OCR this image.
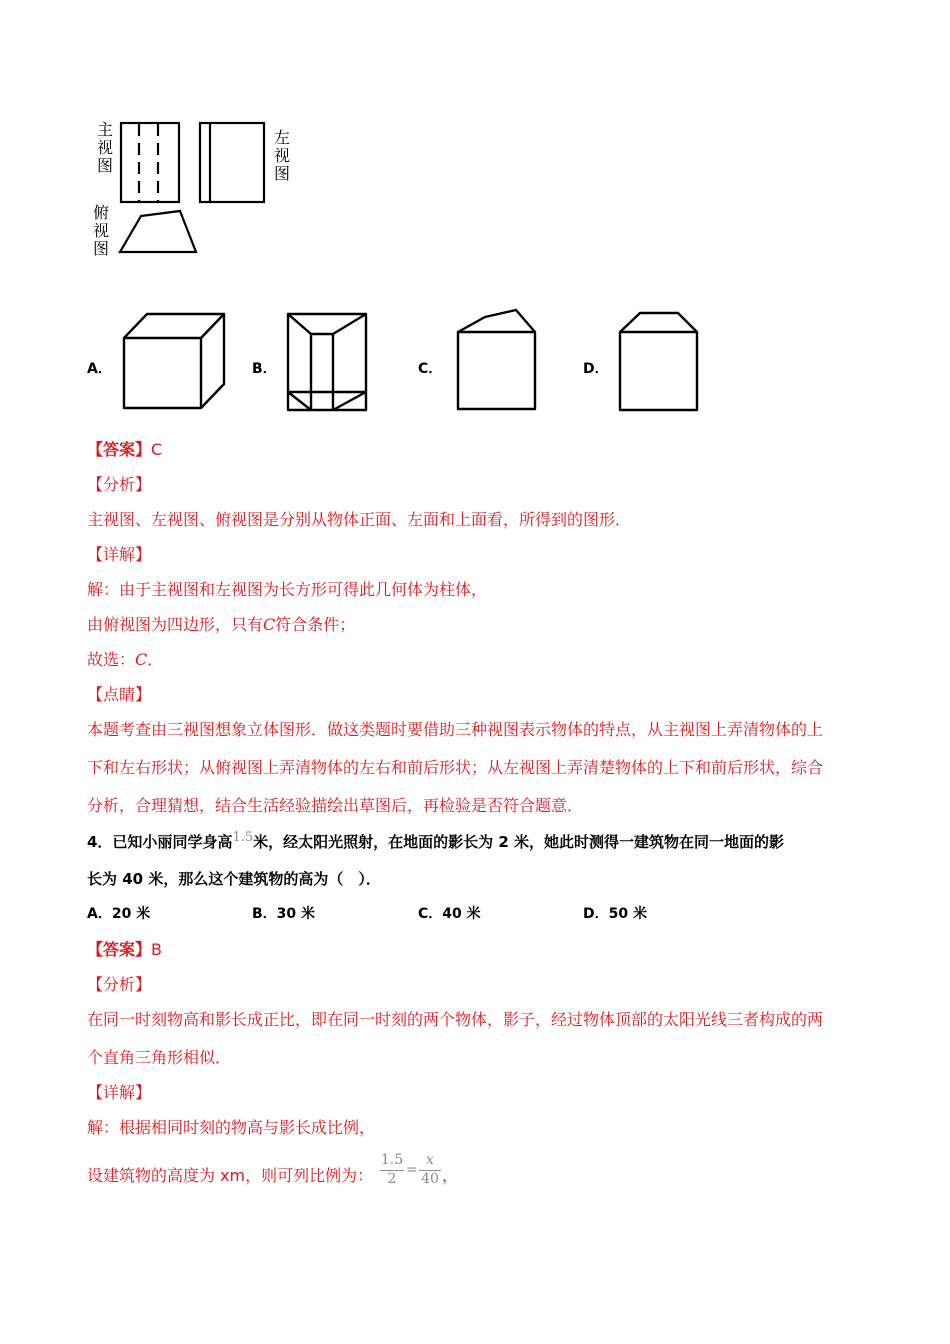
主
视
图
左
视
图
俯
视
图
A．	B．	C．	D．
【答案】C
【分析】
主视图、左视图、俯视图是分别从物体正面、左面和上面看，所得到的图形．
【详解】
解：由于主视图和左视图为长方形可得此几何体为柱体，
由俯视图为四边形，只有C符合条件；
故选：C．
【点睛】
本题考查由三视图想象立体图形．做这类题时要借助三种视图表示物体的特点，从主视图上弄清物体的上
下和左右形状；从俯视图上弄清物体的左右和前后形状；从左视图上弄清楚物体的上下和前后形状，综合
分析，合理猜想，结合生活经验描绘出草图后，再检验是否符合题意．
4．已知小丽同学身高1.5米，经太阳光照射，在地面的影长为 2 米，她此时测得一建筑物在同一地面的影
长为 40 米，那么这个建筑物的高为（　）．
A．20 米	B．30 米	C．40 米	D．50 米
【答案】B
【分析】
在同一时刻物高和影长成正比，即在同一时刻的两个物体，影子，经过物体顶部的太阳光线三者构成的两
个直角三角形相似．
【详解】
解：根据相同时刻的物高与影长成比例，
设建筑物的高度为 xm，则可列比例为： $\frac{1.5}{2} = \frac{x}{40}$ ，
